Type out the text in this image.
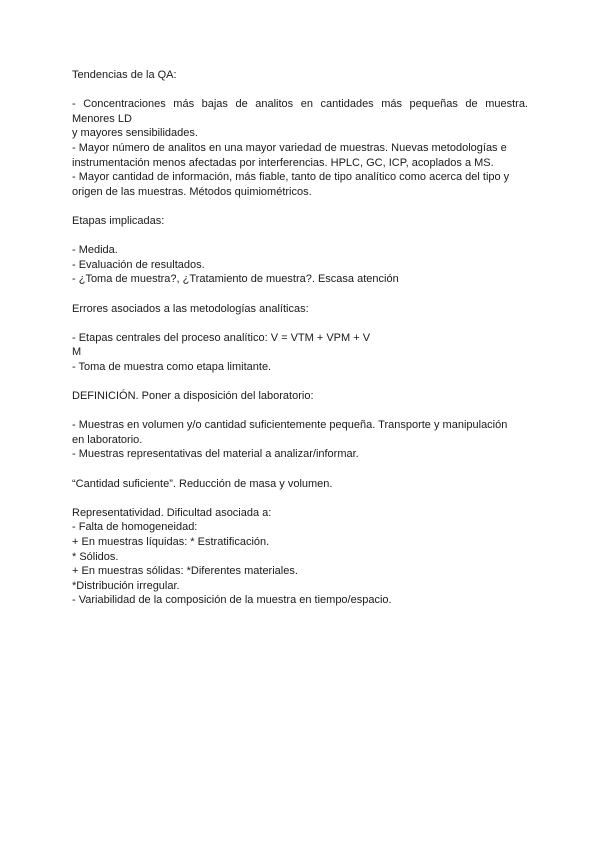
Tendencias de la QA:
- Concentraciones más bajas de analitos en cantidades más pequeñas de muestra.
Menores LD
y mayores sensibilidades.
- Mayor número de analitos en una mayor variedad de muestras. Nuevas metodologías e
instrumentación menos afectadas por interferencias. HPLC, GC, ICP, acoplados a MS.
- Mayor cantidad de información, más fiable, tanto de tipo analítico como acerca del tipo y
origen de las muestras. Métodos quimiométricos.
Etapas implicadas:
- Medida.
- Evaluación de resultados.
- ¿Toma de muestra?, ¿Tratamiento de muestra?. Escasa atención
Errores asociados a las metodologías analíticas:
- Etapas centrales del proceso analítico: V = VTM + VPM + V
M
- Toma de muestra como etapa limitante.
DEFINICIÓN. Poner a disposición del laboratorio:
- Muestras en volumen y/o cantidad suficientemente pequeña. Transporte y manipulación
en laboratorio.
- Muestras representativas del material a analizar/informar.
“Cantidad suficiente”. Reducción de masa y volumen.
Representatividad. Dificultad asociada a:
- Falta de homogeneidad:
+ En muestras líquidas: * Estratificación.
* Sólidos.
+ En muestras sólidas: *Diferentes materiales.
*Distribución irregular.
- Variabilidad de la composición de la muestra en tiempo/espacio.
